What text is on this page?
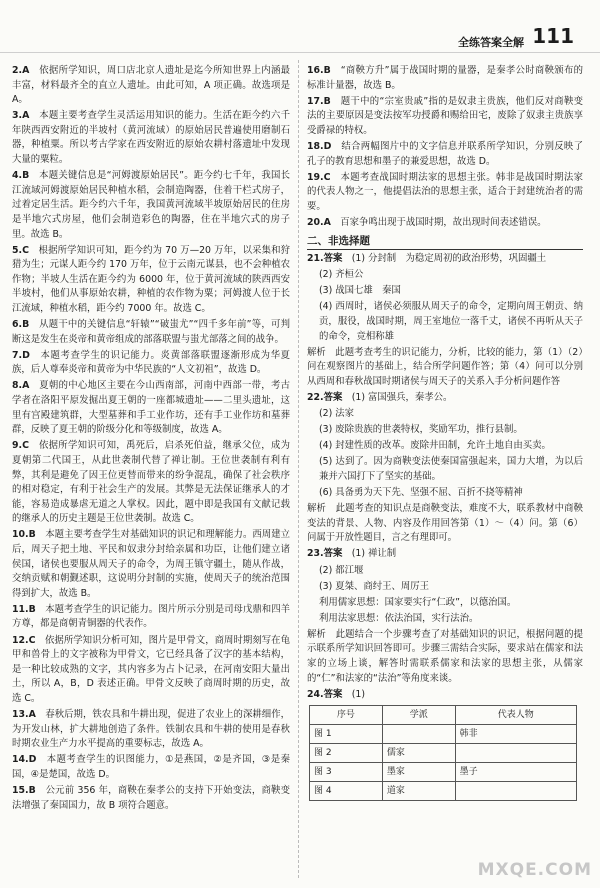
全练答案全解 111
2.A　 依据所学知识，周口店北京人遗址是迄今所知世界上内涵最丰富，材料最齐全的直立人遗址。由此可知，A 项正确。故选项是 A。
3.A　 本题主要考查学生灵活运用知识的能力。生活在距今约六千年陕西西安附近的半坡村（黄河流域）的原始居民普遍使用磨制石器，种植粟。所以考古学家在西安附近的原始农耕村落遗址中发现大量的粟粒。
4.B　 本题关键信息是“河姆渡原始居民”。距今约七千年，我国长江流域河姆渡原始居民种植水稻，会制造陶器，住着干栏式房子，过着定居生活。距今约六千年，我国黄河流域半坡原始居民的住房是半地穴式房屋，他们会制造彩色的陶器，住在半地穴式的房子里。故选 B。
5.C　 根据所学知识可知，距今约为 70 万—20 万年，以采集和狩猎为生；元谋人距今约 170 万年，位于云南元谋县，也不会种植农作物；半坡人生活在距今约为 6000 年，位于黄河流域的陕西西安半坡村，他们从事原始农耕，种植的农作物为粟；河姆渡人位于长江流域，种植水稻，距今约 7000 年。故选 C。
6.B　 从题干中的关键信息“轩辕”“破蚩尤”“四千多年前”等，可判断这是发生在炎帝和黄帝组成的部落联盟与蚩尤部落之间的战争。
7.D　 本题考查学生的识记能力。炎黄部落联盟逐渐形成为华夏族，后人尊奉炎帝和黄帝为中华民族的“人文初祖”，故选 D。
8.A　 夏朝的中心地区主要在今山西南部，河南中西部一带，考古学者在洛阳平原发掘出夏王朝的一座都城遗址——二里头遗址，这里有宫殿建筑群，大型墓葬和手工业作坊，还有手工业作坊和墓葬群，反映了夏王朝的阶级分化和等级制度，故选 A。
9.C　 依据所学知识可知，禹死后，启杀死伯益，继承父位，成为夏朝第二代国王，从此世袭制代替了禅让制。王位世袭制有利有弊，其利是避免了因王位更替而带来的纷争混乱，确保了社会秩序的相对稳定，有利于社会生产的发展。其弊是无法保证继承人的才能，容易造成暴虐无道之人掌权。因此，题中即是我国有文献记载的继承人的历史主题是王位世袭制。故选 C。
10.B　 本题主要考查学生对基础知识的识记和理解能力。西周建立后，周天子把土地、平民和奴隶分封给亲属和功臣，让他们建立诸侯国，诸侯也要服从周天子的命令，为周王镇守疆土，随从作战，交纳贡赋和朝觐述职，这说明分封制的实施，使周天子的统治范围得到扩大，故选 B。
11.B　 本题考查学生的识记能力。图片所示分别是司母戊鼎和四羊方尊，都是商朝青铜器的代表作。
12.C　 依据所学知识分析可知，图片是甲骨文，商周时期刻写在龟甲和兽骨上的文字被称为甲骨文，它已经具备了汉字的基本结构，是一种比较成熟的文字，其内容多为占卜记录，在河南安阳大量出土，所以 A，B，D 表述正确。甲骨文反映了商周时期的历史，故选 C。
13.A　 春秋后期，铁农具和牛耕出现，促进了农业上的深耕细作，为开发山林，扩大耕地创造了条件。铁制农具和牛耕的使用是春秋时期农业生产力水平提高的重要标志，故选 A。
14.D　 本题考查学生的识图能力，①是燕国，②是齐国，③是秦国，④是楚国，故选 D。
15.B　 公元前 356 年，商鞅在秦孝公的支持下开始变法，商鞅变法增强了秦国国力，故 B 项符合题意。
16.B　 “商鞅方升”属于战国时期的量器，是秦孝公时商鞅颁布的标准计量器，故选 B。
17.B　 题干中的“宗室贵戚”指的是奴隶主贵族，他们反对商鞅变法的主要原因是变法按军功授爵和赐给田宅，废除了奴隶主贵族享受爵禄的特权。
18.D　 结合两幅图片中的文字信息并联系所学知识，分别反映了孔子的教育思想和墨子的兼爱思想，故选 D。
19.C　 本题考查战国时期法家的思想主张。韩非是战国时期法家的代表人物之一，他提倡法治的思想主张，适合于封建统治者的需要。
20.A　 百家争鸣出现于战国时期，故出现时间表述错误。
二、非选择题
21.答案　 (1) 分封制　为稳定周初的政治形势，巩固疆土
(2) 齐桓公
(3) 战国七雄　秦国
(4) 西周时，诸侯必须服从周天子的命令，定期向周王朝贡、纳贡，服役，战国时期，周王室地位一落千丈，诸侯不再听从天子的命令，竞相称雄
解析　此题考查考生的识记能力，分析，比较的能力，第（1）（2）问在观察图片的基础上，结合所学问题作答；第（4）问可以分别从西周和春秋战国时期诸侯与周天子的关系入手分析问题作答
22.答案　 (1) 富国强兵，秦孝公。
(2) 法家
(3) 废除贵族的世袭特权，奖励军功，推行县制。
(4) 封建性质的改革。废除井田制，允许土地自由买卖。
(5) 达到了。因为商鞅变法使秦国富强起来，国力大增，为以后兼并六国打下了坚实的基础。
(6) 具备勇为天下先、坚强不屈、百折不挠等精神
解析　此题考查的知识点是商鞅变法，难度不大，联系教材中商鞅变法的背景、人物、内容及作用回答第（1）～（4）问。第（6）问属于开放性题目，言之有理即可。
23.答案　 (1) 禅让制
(2) 都江堰
(3) 夏桀、商纣王、周厉王
利用儒家思想：国家要实行“仁政”，以德治国。
利用法家思想：依法治国，实行法治。
解析　此题结合一个步骤考查了对基础知识的识记，根据问题的提示联系所学知识回答即可。步骤三需结合实际，要求站在儒家和法家的立场上谈，解答时需联系儒家和法家的思想主张，从儒家的“仁”和法家的“法治”等角度来谈。
24.答案　 (1)
序号	学派	代表人物
图 1		韩非
图 2	儒家	
图 3	墨家	墨子
图 4	道家	
MXQE.COM
